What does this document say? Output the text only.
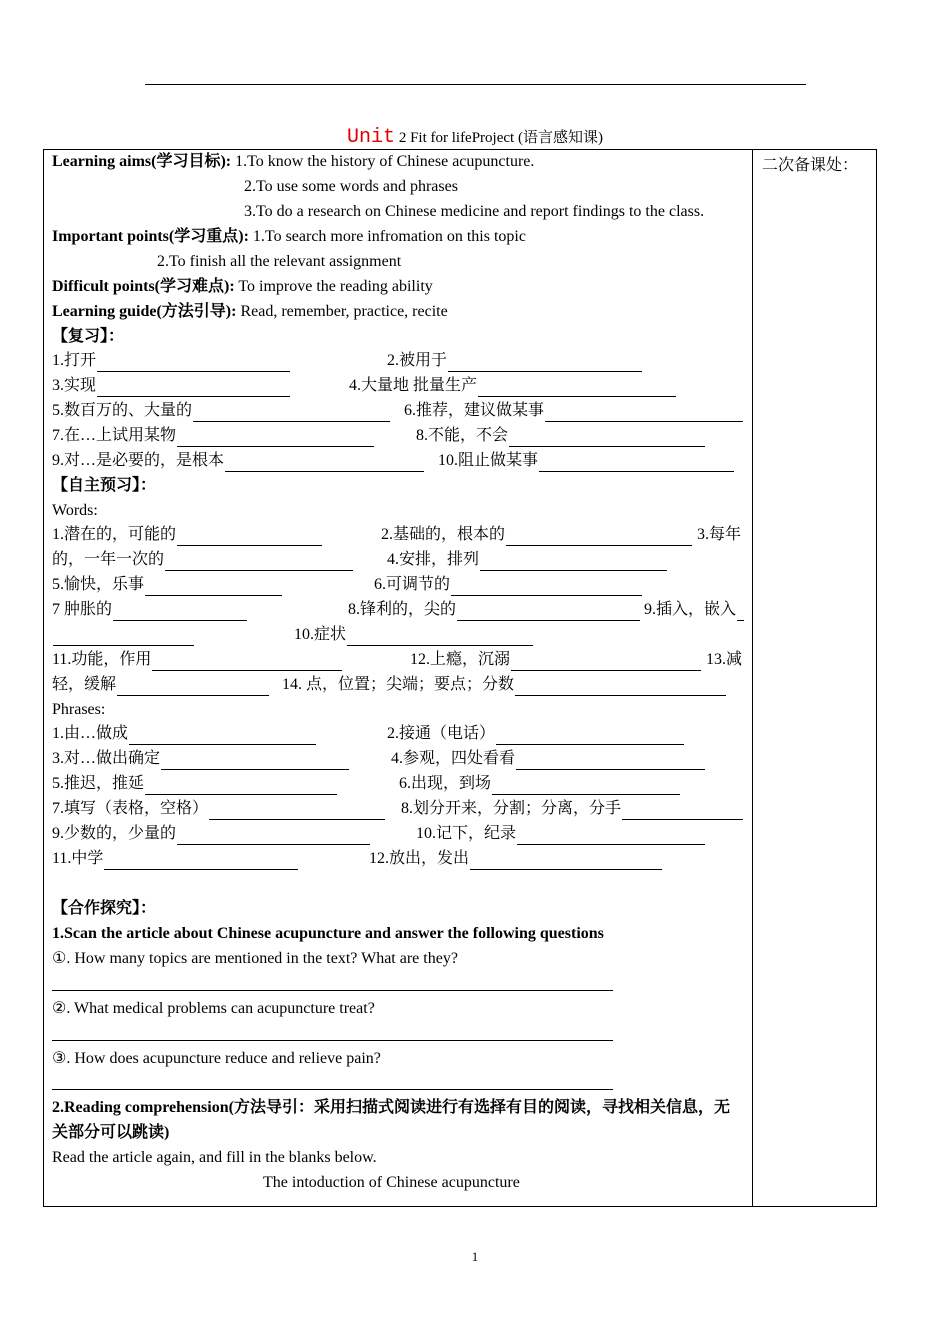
Unit 2 Fit for lifeProject (语言感知课)
二次备课处：
Learning aims(学习目标): 1.To know the history of Chinese acupuncture.
2.To use some words and phrases
3.To do a research on Chinese medicine and report findings to the class.
Important points(学习重点): 1.To search more infromation on this topic
2.To finish all the relevant assignment
Difficult points(学习难点): To improve the reading ability
Learning guide(方法引导): Read, remember, practice, recite
【复习】：
1.打开	2.被用于
3.实现	4.大量地 批量生产
5.数百万的、大量的	6.推荐，建议做某事
7.在…上试用某物	8.不能，不会
9.对…是必要的，是根本	10.阻止做某事
【自主预习】：
Words:
1.潜在的，可能的	2.基础的，根本的	3.每年
的，一年一次的	4.安排，排列
5.愉快，乐事	6.可调节的
7 肿胀的	8.锋利的，尖的	9.插入，嵌入
10.症状
11.功能，作用	12.上瘾，沉溺	13.减
轻，缓解	14. 点，位置；尖端；要点；分数
Phrases:
1.由…做成	2.接通（电话）
3.对…做出确定	4.参观，四处看看
5.推迟，推延	6.出现，到场
7.填写（表格，空格）	8.划分开来，分割；分离，分手
9.少数的，少量的	10.记下，纪录
11.中学	12.放出，发出
【合作探究】：
1.Scan the article about Chinese acupuncture and answer the following questions
①. How many topics are mentioned in the text? What are they?
②. What medical problems can acupuncture treat?
③. How does acupuncture reduce and relieve pain?
2.Reading comprehension(方法导引：采用扫描式阅读进行有选择有目的阅读，寻找相关信息，无
关部分可以跳读)
Read the article again, and fill in the blanks below.
The intoduction of Chinese acupuncture
1
